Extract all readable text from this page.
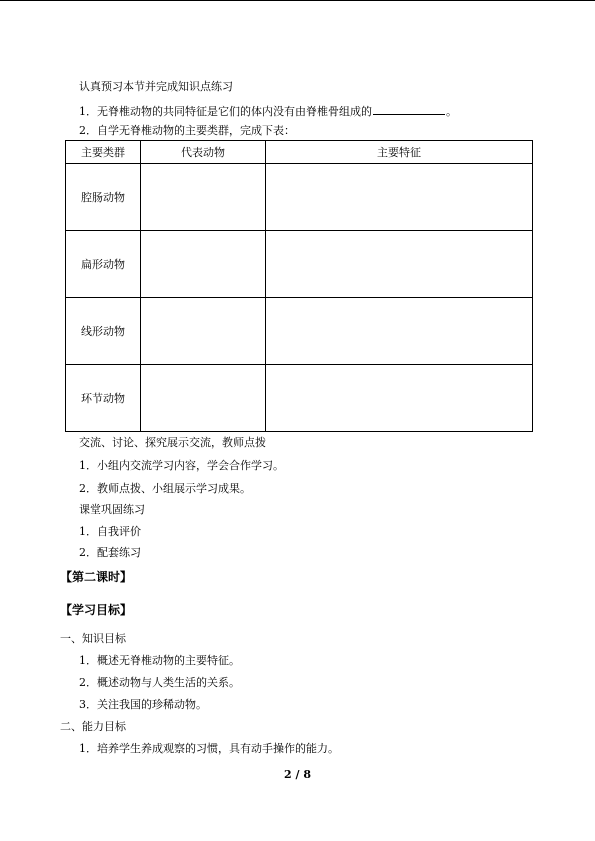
认真预习本节并完成知识点练习
1．无脊椎动物的共同特征是它们的体内没有由脊椎骨组成的	。
2．自学无脊椎动物的主要类群，完成下表：
主要类群	代表动物	主要特征
腔肠动物		
扁形动物		
线形动物		
环节动物		
交流、讨论、探究展示交流，教师点拨
1．小组内交流学习内容，学会合作学习。
2．教师点拨、小组展示学习成果。
课堂巩固练习
1．自我评价
2．配套练习
【第二课时】
【学习目标】
一、知识目标
1．概述无脊椎动物的主要特征。
2．概述动物与人类生活的关系。
3．关注我国的珍稀动物。
二、能力目标
1．培养学生养成观察的习惯，具有动手操作的能力。
2 / 8
